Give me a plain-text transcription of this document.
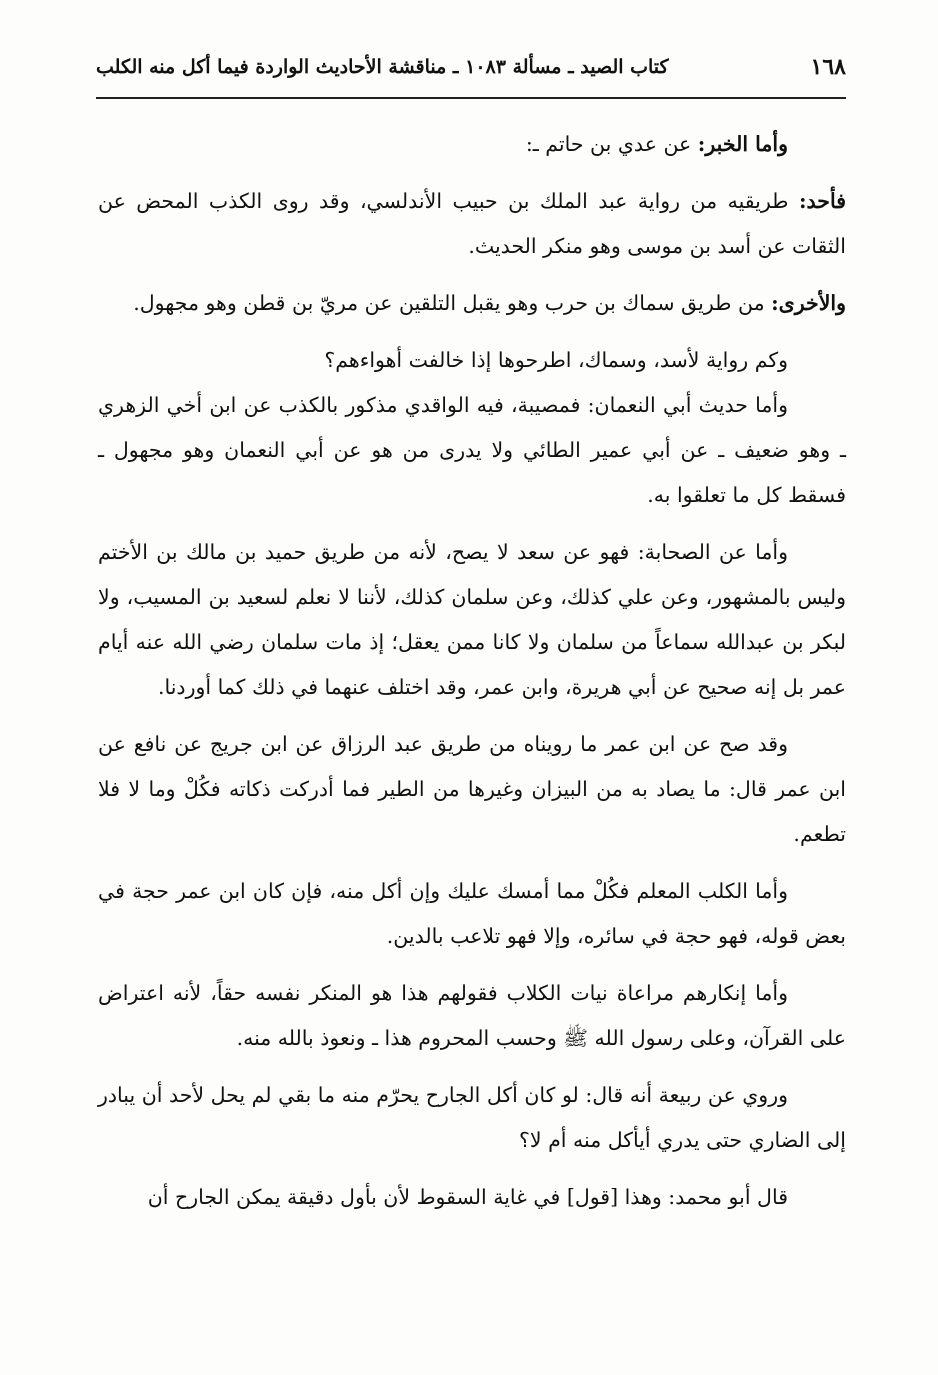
١٦٨
كتاب الصيد ـ مسألة ١٠٨٣ ـ مناقشة الأحاديث الواردة فيما أكل منه الكلب

وأما الخبر: عن عدي بن حاتم ـ:

فأحد: طريقيه من رواية عبد الملك بن حبيب الأندلسي، وقد روى الكذب المحض عن الثقات عن أسد بن موسى وهو منكر الحديث.

والأخرى: من طريق سماك بن حرب وهو يقبل التلقين عن مريّ بن قطن وهو مجهول.

وكم رواية لأسد، وسماك، اطرحوها إذا خالفت أهواءهم؟

وأما حديث أبي النعمان: فمصيبة، فيه الواقدي مذكور بالكذب عن ابن أخي الزهري ـ وهو ضعيف ـ عن أبي عمير الطائي ولا يدرى من هو عن أبي النعمان وهو مجهول ـ فسقط كل ما تعلقوا به.

وأما عن الصحابة: فهو عن سعد لا يصح، لأنه من طريق حميد بن مالك بن الأختم وليس بالمشهور، وعن علي كذلك، وعن سلمان كذلك، لأننا لا نعلم لسعيد بن المسيب، ولا لبكر بن عبدالله سماعاً من سلمان ولا كانا ممن يعقل؛ إذ مات سلمان رضي الله عنه أيام عمر بل إنه صحيح عن أبي هريرة، وابن عمر، وقد اختلف عنهما في ذلك كما أوردنا.

وقد صح عن ابن عمر ما رويناه من طريق عبد الرزاق عن ابن جريج عن نافع عن ابن عمر قال: ما يصاد به من البيزان وغيرها من الطير فما أدركت ذكاته فكُلْ وما لا فلا تطعم.

وأما الكلب المعلم فكُلْ مما أمسك عليك وإن أكل منه، فإن كان ابن عمر حجة في بعض قوله، فهو حجة في سائره، وإلا فهو تلاعب بالدين.

وأما إنكارهم مراعاة نيات الكلاب فقولهم هذا هو المنكر نفسه حقاً، لأنه اعتراض على القرآن، وعلى رسول الله ﷺ وحسب المحروم هذا ـ ونعوذ بالله منه.

وروي عن ربيعة أنه قال: لو كان أكل الجارح يحرّم منه ما بقي لم يحل لأحد أن يبادر إلى الضاري حتى يدري أيأكل منه أم لا؟

قال أبو محمد: وهذا [قول] في غاية السقوط لأن بأول دقيقة يمكن الجارح أن
